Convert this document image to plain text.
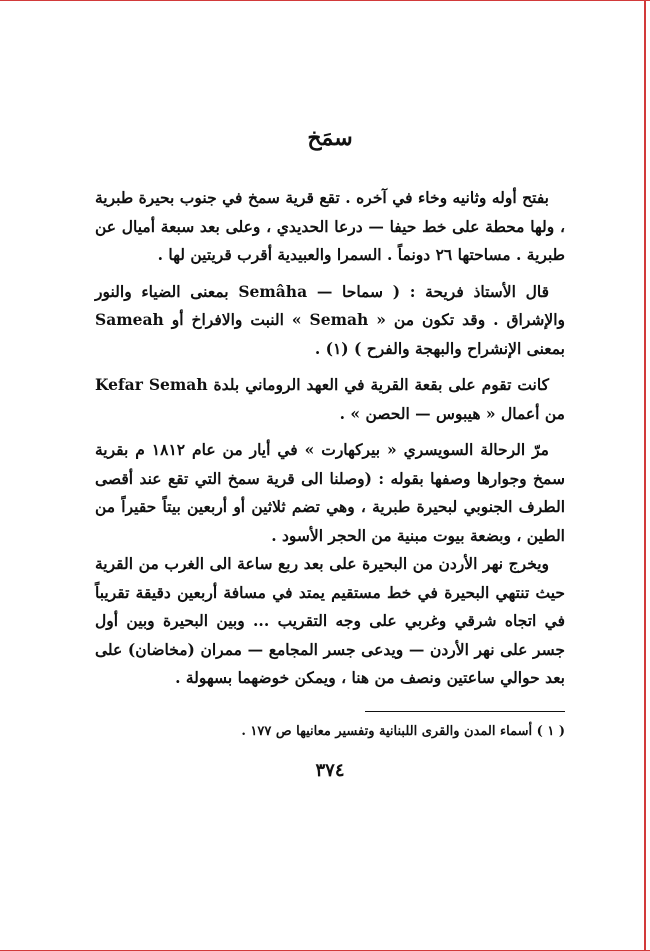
سمَخ

بفتح أوله وثانيه وخاء في آخره . تقع قرية سمخ في جنوب بحيرة طبرية ، ولها محطة على خط حيفا — درعا الحديدي ، وعلى بعد سبعة أميال عن طبرية . مساحتها ٢٦ دونماً . السمرا والعبيدية أقرب قريتين لها .

قال الأستاذ فريحة : ( سماحا — Semâha بمعنى الضياء والنور والإشراق . وقد تكون من « Semah » النبت والافراخ أو Sameah بمعنى الإنشراح والبهجة والفرح ) (١) .

كانت تقوم على بقعة القرية في العهد الروماني بلدة Kefar Semah من أعمال « هيبوس — الحصن » .

مرّ الرحالة السويسري « بيركهارت » في أيار من عام ١٨١٢ م بقرية سمخ وجوارها وصفها بقوله : (وصلنا الى قرية سمخ التي تقع عند أقصى الطرف الجنوبي لبحيرة طبرية ، وهي تضم ثلاثين أو أربعين بيتاً حقيراً من الطين ، وبضعة بيوت مبنية من الحجر الأسود .

ويخرج نهر الأردن من البحيرة على بعد ربع ساعة الى الغرب من القرية حيث تنتهي البحيرة في خط مستقيم يمتد في مسافة أربعين دقيقة تقريباً في اتجاه شرقي وغربي على وجه التقريب ... وبين البحيرة وبين أول جسر على نهر الأردن — ويدعى جسر المجامع — ممران (مخاضان) على بعد حوالي ساعتين ونصف من هنا ، ويمكن خوضهما بسهولة .

( ١ ) أسماء المدن والقرى اللبنانية وتفسير معانيها ص ١٧٧ .

٣٧٤
